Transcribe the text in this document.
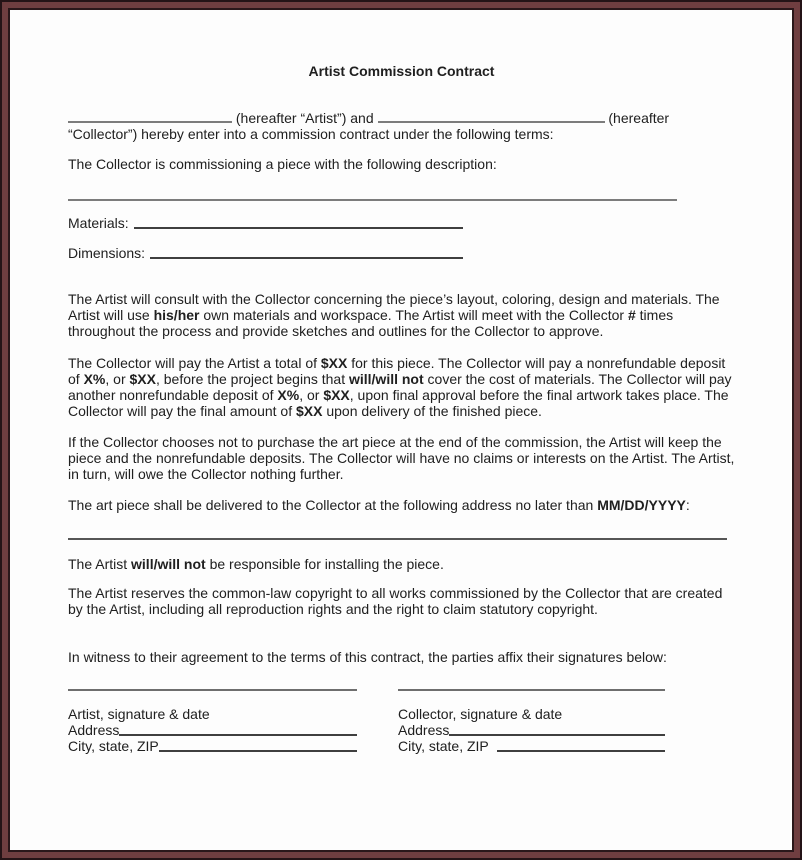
Artist Commission Contract

(hereafter “Artist”) and	(hereafter “Collector”) hereby enter into a commission contract under the following terms:

The Collector is commissioning a piece with the following description:

Materials:
Dimensions:

The Artist will consult with the Collector concerning the piece’s layout, coloring, design and materials. The Artist will use his/her own materials and workspace. The Artist will meet with the Collector # times throughout the process and provide sketches and outlines for the Collector to approve.

The Collector will pay the Artist a total of $XX for this piece. The Collector will pay a nonrefundable deposit of X%, or $XX, before the project begins that will/will not cover the cost of materials. The Collector will pay another nonrefundable deposit of X%, or $XX, upon final approval before the final artwork takes place. The Collector will pay the final amount of $XX upon delivery of the finished piece.

If the Collector chooses not to purchase the art piece at the end of the commission, the Artist will keep the piece and the nonrefundable deposits. The Collector will have no claims or interests on the Artist. The Artist, in turn, will owe the Collector nothing further.

The art piece shall be delivered to the Collector at the following address no later than MM/DD/YYYY:

The Artist will/will not be responsible for installing the piece.

The Artist reserves the common-law copyright to all works commissioned by the Collector that are created by the Artist, including all reproduction rights and the right to claim statutory copyright.

In witness to their agreement to the terms of this contract, the parties affix their signatures below:

Artist, signature & date
Address
City, state, ZIP
Collector, signature & date
Address
City, state, ZIP
